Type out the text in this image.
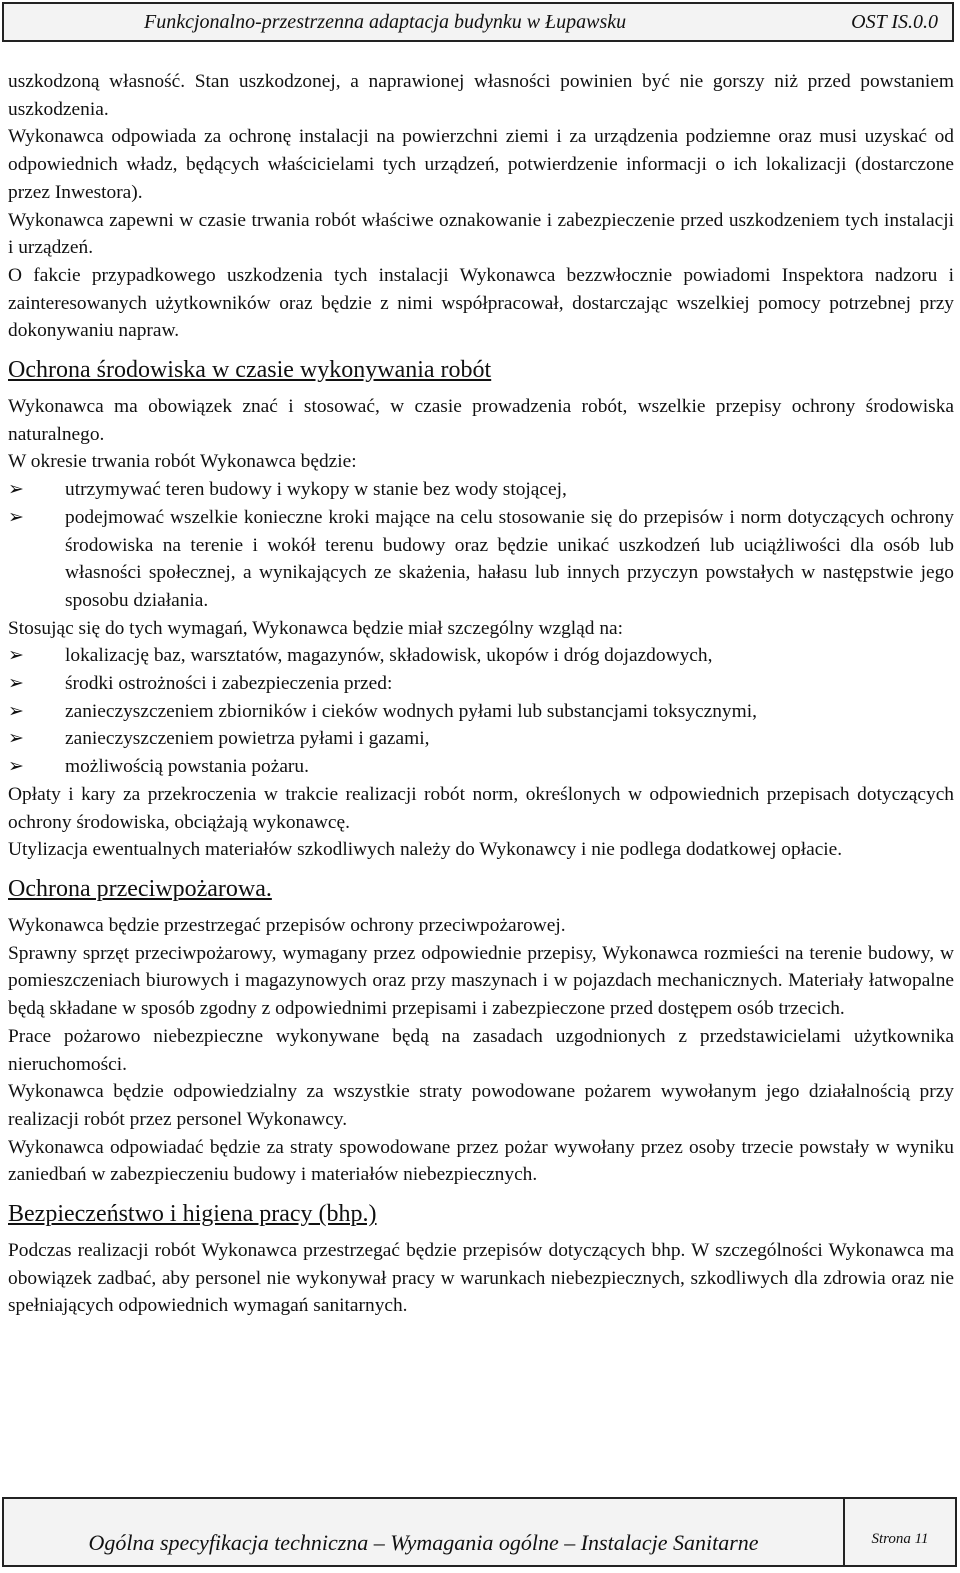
Funkcjonalno-przestrzenna adaptacja budynku w Łupawsku	OST IS.0.0

uszkodzoną własność. Stan uszkodzonej, a naprawionej własności powinien być nie gorszy niż przed powstaniem uszkodzenia.

Wykonawca odpowiada za ochronę instalacji na powierzchni ziemi i za urządzenia podziemne oraz musi uzyskać od odpowiednich władz, będących właścicielami tych urządzeń, potwierdzenie informacji o ich lokalizacji (dostarczone przez Inwestora).

Wykonawca zapewni w czasie trwania robót właściwe oznakowanie i zabezpieczenie przed uszkodzeniem tych instalacji i urządzeń.

O fakcie przypadkowego uszkodzenia tych instalacji Wykonawca bezzwłocznie powiadomi Inspektora nadzoru i zainteresowanych użytkowników oraz będzie z nimi współpracował, dostarczając wszelkiej pomocy potrzebnej przy dokonywaniu napraw.

Ochrona środowiska w czasie wykonywania robót

Wykonawca ma obowiązek znać i stosować, w czasie prowadzenia robót, wszelkie przepisy ochrony środowiska naturalnego.

W okresie trwania robót Wykonawca będzie:

➢ utrzymywać teren budowy i wykopy w stanie bez wody stojącej,
➢ podejmować wszelkie konieczne kroki mające na celu stosowanie się do przepisów i norm dotyczących ochrony środowiska na terenie i wokół terenu budowy oraz będzie unikać uszkodzeń lub uciążliwości dla osób lub własności społecznej, a wynikających ze skażenia, hałasu lub innych przyczyn powstałych w następstwie jego sposobu działania.

Stosując się do tych wymagań, Wykonawca będzie miał szczególny wzgląd na:

➢ lokalizację baz, warsztatów, magazynów, składowisk, ukopów i dróg dojazdowych,
➢ środki ostrożności i zabezpieczenia przed:
➢ zanieczyszczeniem zbiorników i cieków wodnych pyłami lub substancjami toksycznymi,
➢ zanieczyszczeniem powietrza pyłami i gazami,
➢ możliwością powstania pożaru.

Opłaty i kary za przekroczenia w trakcie realizacji robót norm, określonych w odpowiednich przepisach dotyczących ochrony środowiska, obciążają wykonawcę.

Utylizacja ewentualnych materiałów szkodliwych należy do Wykonawcy i nie podlega dodatkowej opłacie.

Ochrona przeciwpożarowa.

Wykonawca będzie przestrzegać przepisów ochrony przeciwpożarowej.

Sprawny sprzęt przeciwpożarowy, wymagany przez odpowiednie przepisy, Wykonawca rozmieści na terenie budowy, w pomieszczeniach biurowych i magazynowych oraz przy maszynach i w pojazdach mechanicznych. Materiały łatwopalne będą składane w sposób zgodny z odpowiednimi przepisami i zabezpieczone przed dostępem osób trzecich.

Prace pożarowo niebezpieczne wykonywane będą na zasadach uzgodnionych z przedstawicielami użytkownika nieruchomości.

Wykonawca będzie odpowiedzialny za wszystkie straty powodowane pożarem wywołanym jego działalnością przy realizacji robót przez personel Wykonawcy.

Wykonawca odpowiadać będzie za straty spowodowane przez pożar wywołany przez osoby trzecie powstały w wyniku zaniedbań w zabezpieczeniu budowy i materiałów niebezpiecznych.

Bezpieczeństwo i higiena pracy (bhp.)

Podczas realizacji robót Wykonawca przestrzegać będzie przepisów dotyczących bhp. W szczególności Wykonawca ma obowiązek zadbać, aby personel nie wykonywał pracy w warunkach niebezpiecznych, szkodliwych dla zdrowia oraz nie spełniających odpowiednich wymagań sanitarnych.

Ogólna specyfikacja techniczna – Wymagania ogólne – Instalacje Sanitarne	Strona 11
